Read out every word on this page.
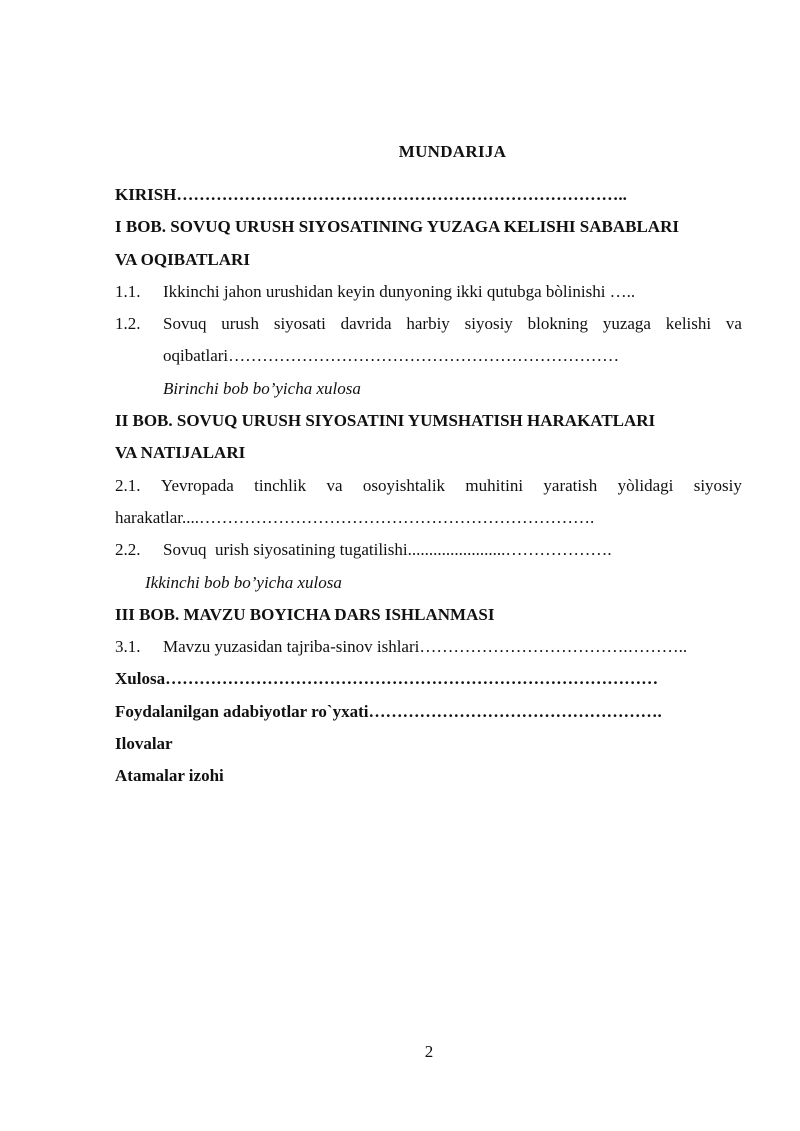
MUNDARIJA
KIRISH……………………………………………………………………..
I BOB. SOVUQ URUSH SIYOSATINING YUZAGA KELISHI SABABLARI
VA OQIBATLARI
1.1. Ikkinchi jahon urushidan keyin dunyoning ikki qutubga bòlinishi …..
1.2.	Sovuq urush siyosati davrida harbiy siyosiy blokning yuzaga kelishi va
oqibatlari……………………………………………………………
Birinchi bob bo’yicha xulosa
II BOB. SOVUQ URUSH SIYOSATINI YUMSHATISH HARAKATLARI
VA NATIJALARI
2.1. Yevropada tinchlik va osoyishtalik muhitini yaratish yòlidagi siyosiy
harakatlar....…………………………………………………………….
2.2. Sovuq  urish siyosatining tugatilishi.......................……………….
Ikkinchi bob bo’yicha xulosa
III BOB. MAVZU BOYICHA DARS ISHLANMASI
3.1. Mavzu yuzasidan tajriba-sinov ishlari……………………………….………..
Xulosa……………………………………………………………………………
Foydalanilgan adabiyotlar ro`yxati…………………………………………….
Ilovalar
Atamalar izohi
2
